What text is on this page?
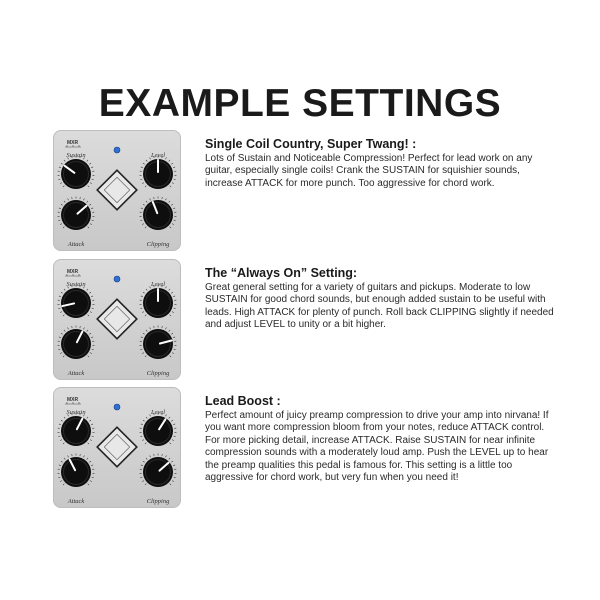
EXAMPLE SETTINGS
MXR
Sustain	Level
Attack	Clipping
Single Coil Country, Super Twang! :
Lots of Sustain and Noticeable Compression! Perfect for lead work on any guitar, especially single coils! Crank the SUSTAIN for squishier sounds, increase ATTACK for more punch. Too aggressive for chord work.
MXR
Sustain	Level
Attack	Clipping
The “Always On” Setting:
Great general setting for a variety of guitars and pickups. Moderate to low SUSTAIN for good chord sounds, but enough added sustain to be useful with leads. High ATTACK for plenty of punch. Roll back CLIPPING slightly if needed and adjust LEVEL to unity or a bit higher.
MXR
Sustain	Level
Attack	Clipping
Lead Boost :
Perfect amount of juicy preamp compression to drive your amp into nirvana! If you want more compression bloom from your notes, reduce ATTACK control. For more picking detail, increase ATTACK. Raise SUSTAIN for near infinite compression sounds with a moderately loud amp. Push the LEVEL up to hear the preamp qualities this pedal is famous for. This setting is a little too aggressive for chord work, but very fun when you need it!
